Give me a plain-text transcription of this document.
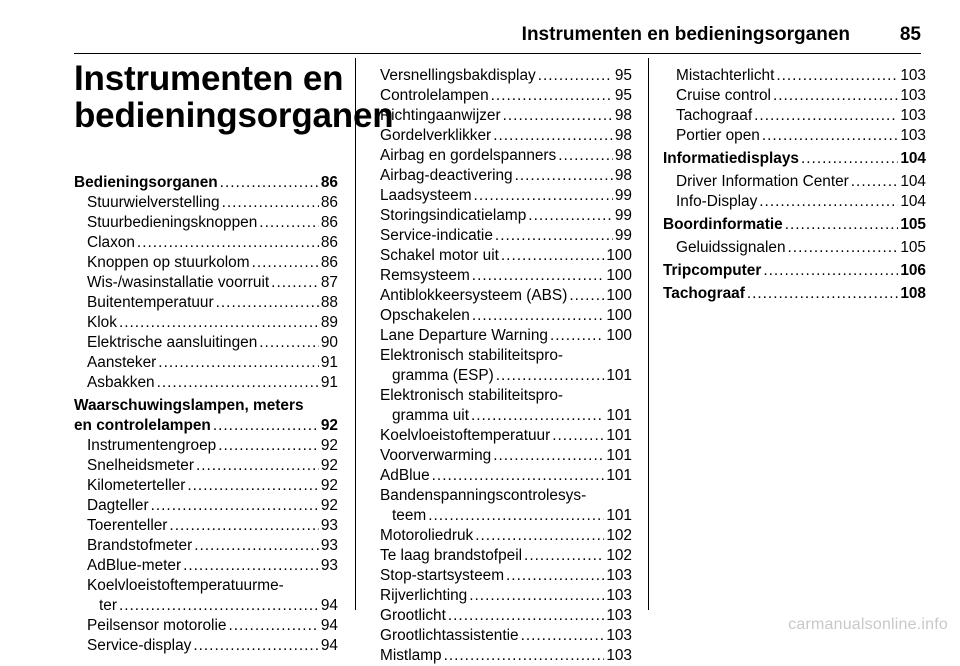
Instrumenten en bedieningsorganen	85
Instrumenten en bedieningsorganen
Bedieningsorganen .....	86
Stuurwielverstelling .....	86
Stuurbedieningsknoppen .....	86
Claxon .....	86
Knoppen op stuurkolom .....	86
Wis-/wasinstallatie voorruit .....	87
Buitentemperatuur .....	88
Klok .....	89
Elektrische aansluitingen .....	90
Aansteker .....	91
Asbakken .....	91
Waarschuwingslampen, meters
en controlelampen .....	92
Instrumentengroep .....	92
Snelheidsmeter .....	92
Kilometerteller .....	92
Dagteller .....	92
Toerenteller .....	93
Brandstofmeter .....	93
AdBlue-meter .....	93
Koelvloeistoftemperatuurme-
ter .....	94
Peilsensor motorolie .....	94
Service-display .....	94
Versnellingsbakdisplay .....	95
Controlelampen .....	95
Richtingaanwijzer .....	98
Gordelverklikker .....	98
Airbag en gordelspanners .....	98
Airbag-deactivering .....	98
Laadsysteem .....	99
Storingsindicatielamp .....	99
Service-indicatie .....	99
Schakel motor uit .....	100
Remsysteem .....	100
Antiblokkeersysteem (ABS) .....	100
Opschakelen .....	100
Lane Departure Warning .....	100
Elektronisch stabiliteitspro-
gramma (ESP) .....	101
Elektronisch stabiliteitspro-
gramma uit .....	101
Koelvloeistoftemperatuur .....	101
Voorverwarming .....	101
AdBlue .....	101
Bandenspanningscontrolesys-
teem .....	101
Motoroliedruk .....	102
Te laag brandstofpeil .....	102
Stop-startsysteem .....	103
Rijverlichting .....	103
Grootlicht .....	103
Grootlichtassistentie .....	103
Mistlamp .....	103
Mistachterlicht .....	103
Cruise control .....	103
Tachograaf .....	103
Portier open .....	103
Informatiedisplays .....	104
Driver Information Center .....	104
Info-Display .....	104
Boordinformatie .....	105
Geluidssignalen .....	105
Tripcomputer .....	106
Tachograaf .....	108
carmanualsonline.info
